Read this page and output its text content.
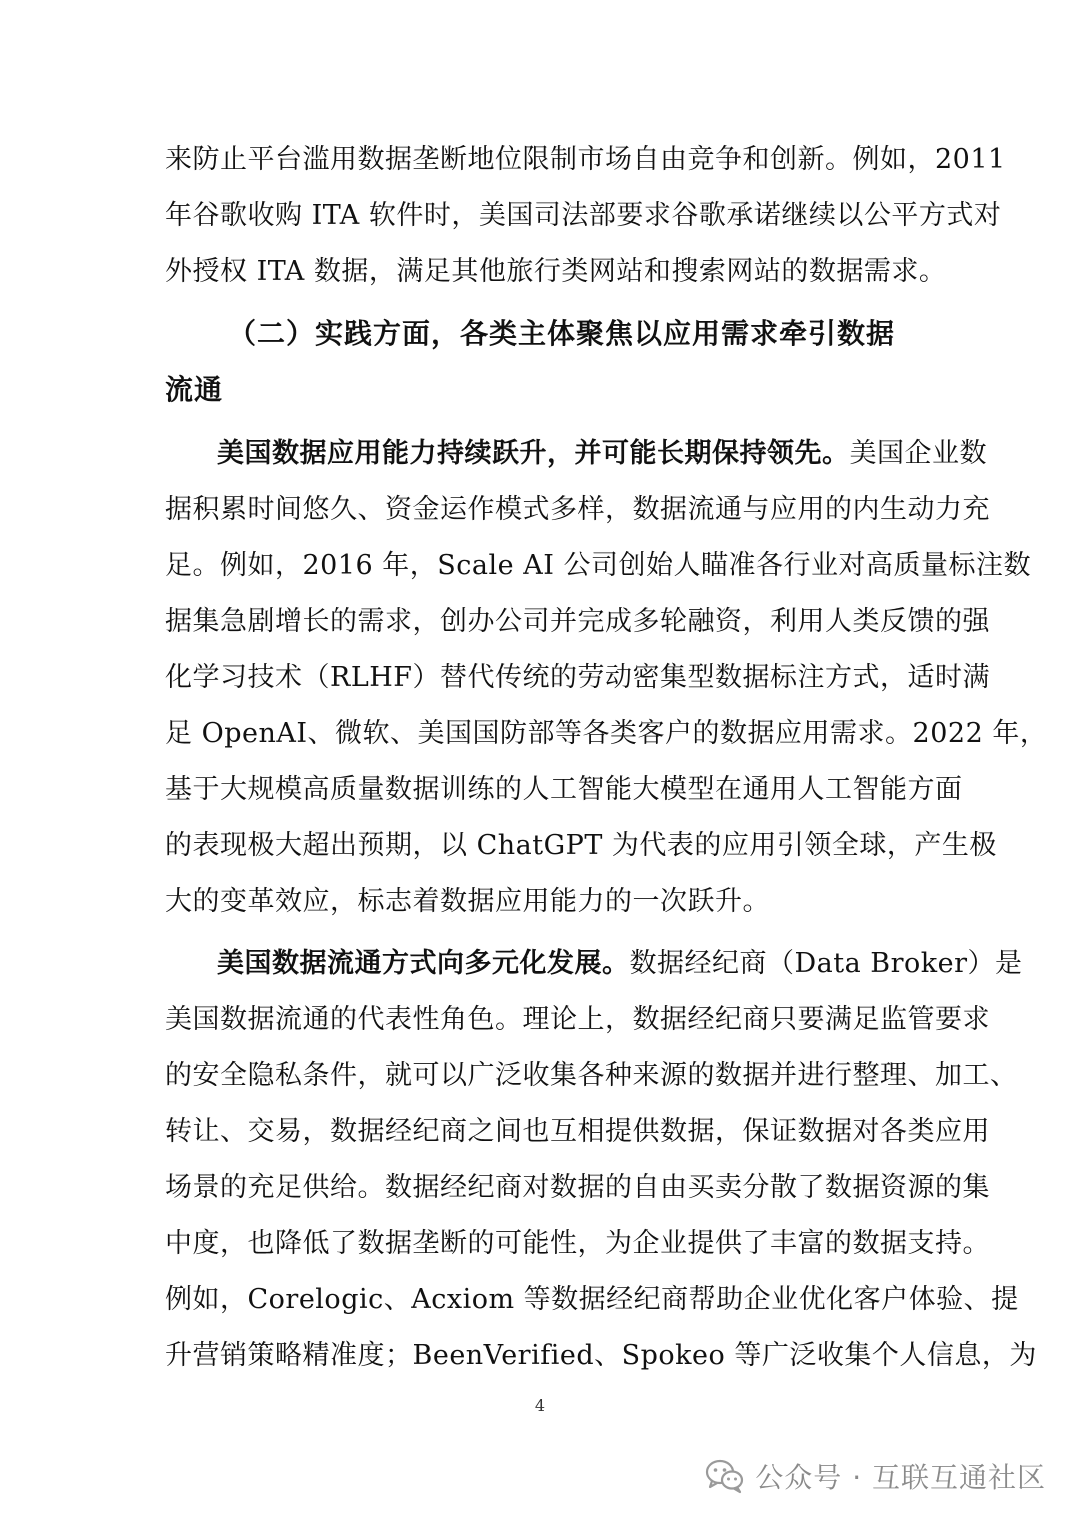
来防止平台滥用数据垄断地位限制市场自由竞争和创新。例如，2011
年谷歌收购 ITA 软件时，美国司法部要求谷歌承诺继续以公平方式对
外授权 ITA 数据，满足其他旅行类网站和搜索网站的数据需求。
（二）实践方面，各类主体聚焦以应用需求牵引数据
流通
美国数据应用能力持续跃升，并可能长期保持领先。美国企业数
据积累时间悠久、资金运作模式多样，数据流通与应用的内生动力充
足。例如，2016 年，Scale AI 公司创始人瞄准各行业对高质量标注数
据集急剧增长的需求，创办公司并完成多轮融资，利用人类反馈的强
化学习技术（RLHF）替代传统的劳动密集型数据标注方式，适时满
足 OpenAI、微软、美国国防部等各类客户的数据应用需求。2022 年，
基于大规模高质量数据训练的人工智能大模型在通用人工智能方面
的表现极大超出预期，以 ChatGPT 为代表的应用引领全球，产生极
大的变革效应，标志着数据应用能力的一次跃升。
美国数据流通方式向多元化发展。数据经纪商（Data Broker）是
美国数据流通的代表性角色。理论上，数据经纪商只要满足监管要求
的安全隐私条件，就可以广泛收集各种来源的数据并进行整理、加工、
转让、交易，数据经纪商之间也互相提供数据，保证数据对各类应用
场景的充足供给。数据经纪商对数据的自由买卖分散了数据资源的集
中度，也降低了数据垄断的可能性，为企业提供了丰富的数据支持。
例如，Corelogic、Acxiom 等数据经纪商帮助企业优化客户体验、提
升营销策略精准度；BeenVerified、Spokeo 等广泛收集个人信息，为
4
公众号 · 互联互通社区
